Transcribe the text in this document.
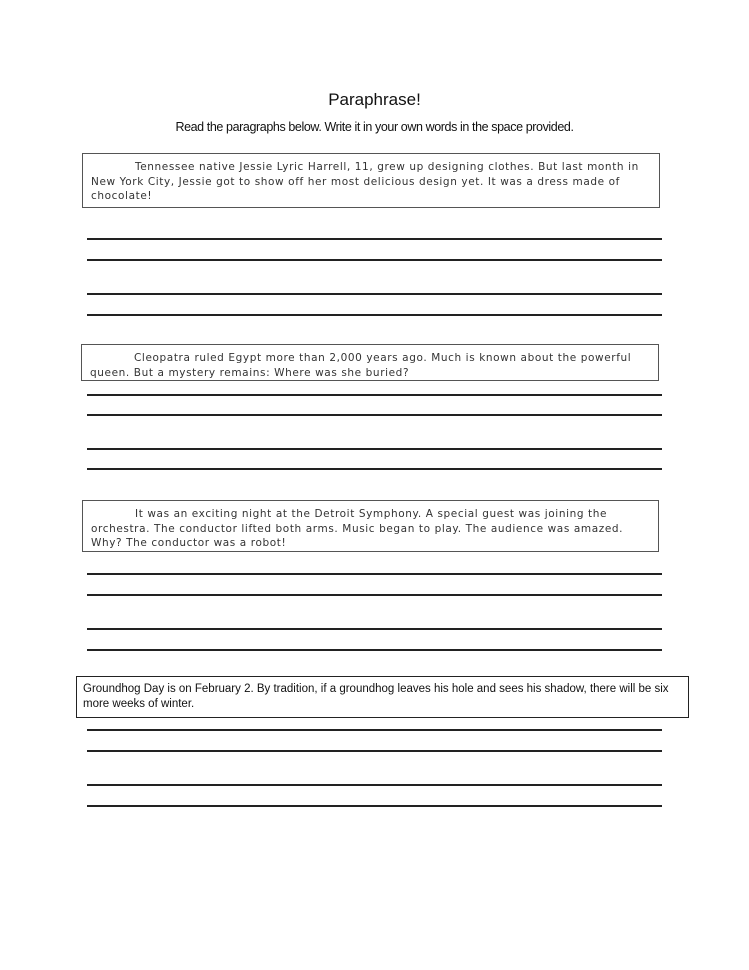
Paraphrase!
Read the paragraphs below. Write it in your own words in the space provided.
Tennessee native Jessie Lyric Harrell, 11, grew up designing clothes. But last month in New York City, Jessie got to show off her most delicious design yet. It was a dress made of chocolate!
Cleopatra ruled Egypt more than 2,000 years ago. Much is known about the powerful queen. But a mystery remains: Where was she buried?
It was an exciting night at the Detroit Symphony. A special guest was joining the orchestra. The conductor lifted both arms. Music began to play. The audience was amazed. Why? The conductor was a robot!
Groundhog Day is on February 2. By tradition, if a groundhog leaves his hole and sees his shadow, there will be six more weeks of winter.
